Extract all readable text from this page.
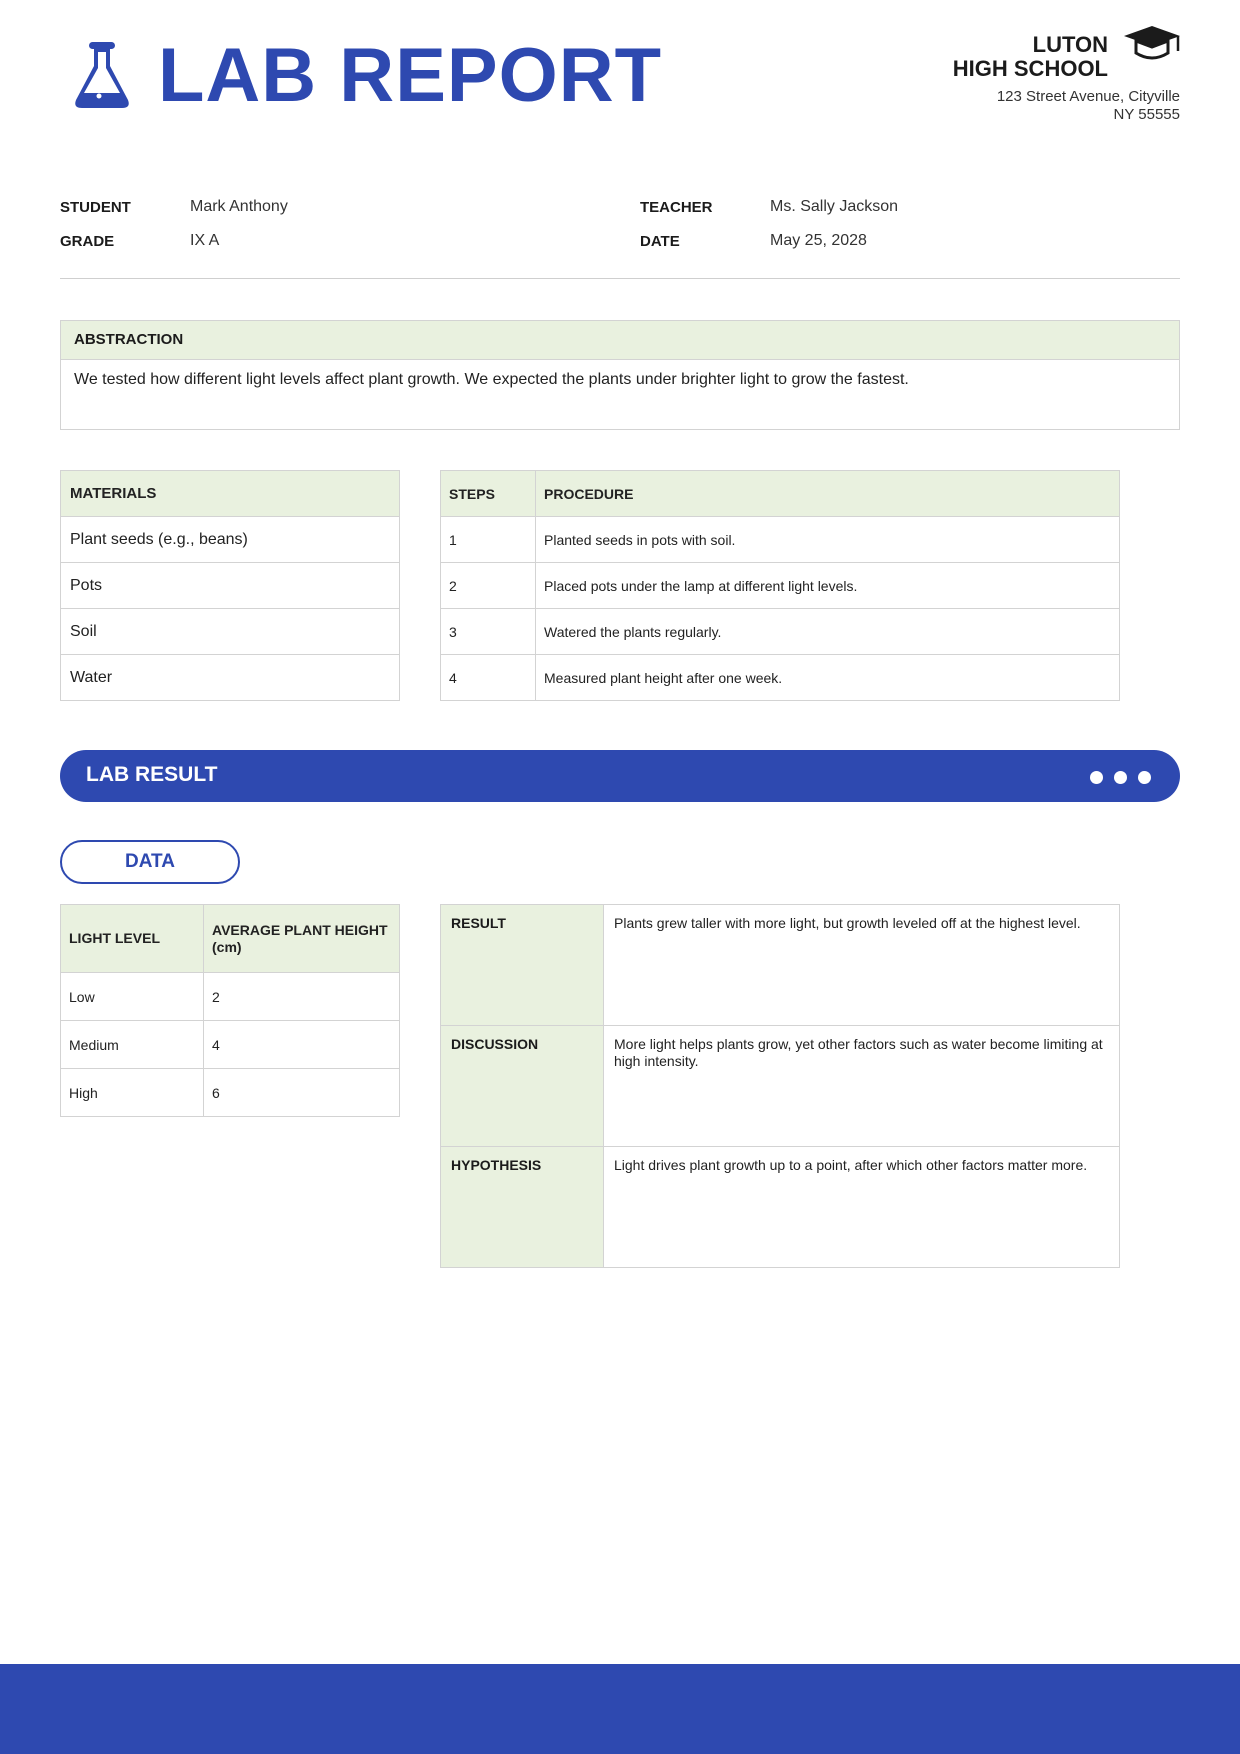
LAB REPORT	LUTON
HIGH SCHOOL
123 Street Avenue, Cityville
NY 55555
STUDENT	Mark Anthony
GRADE	IX A
TEACHER	Ms. Sally Jackson
DATE	May 25, 2028
ABSTRACTION
We tested how different light levels affect plant growth. We expected the plants under brighter light to grow the fastest.
MATERIALS
Plant seeds (e.g., beans)
Pots
Soil
Water
STEPS	PROCEDURE
1	Planted seeds in pots with soil.
2	Placed pots under the lamp at different light levels.
3	Watered the plants regularly.
4	Measured plant height after one week.
LAB RESULT
DATA
LIGHT LEVEL	AVERAGE PLANT HEIGHT (cm)
Low	2
Medium	4
High	6
RESULT	Plants grew taller with more light, but growth leveled off at the highest level.
DISCUSSION	More light helps plants grow, yet other factors such as water become limiting at high intensity.
HYPOTHESIS	Light drives plant growth up to a point, after which other factors matter more.
